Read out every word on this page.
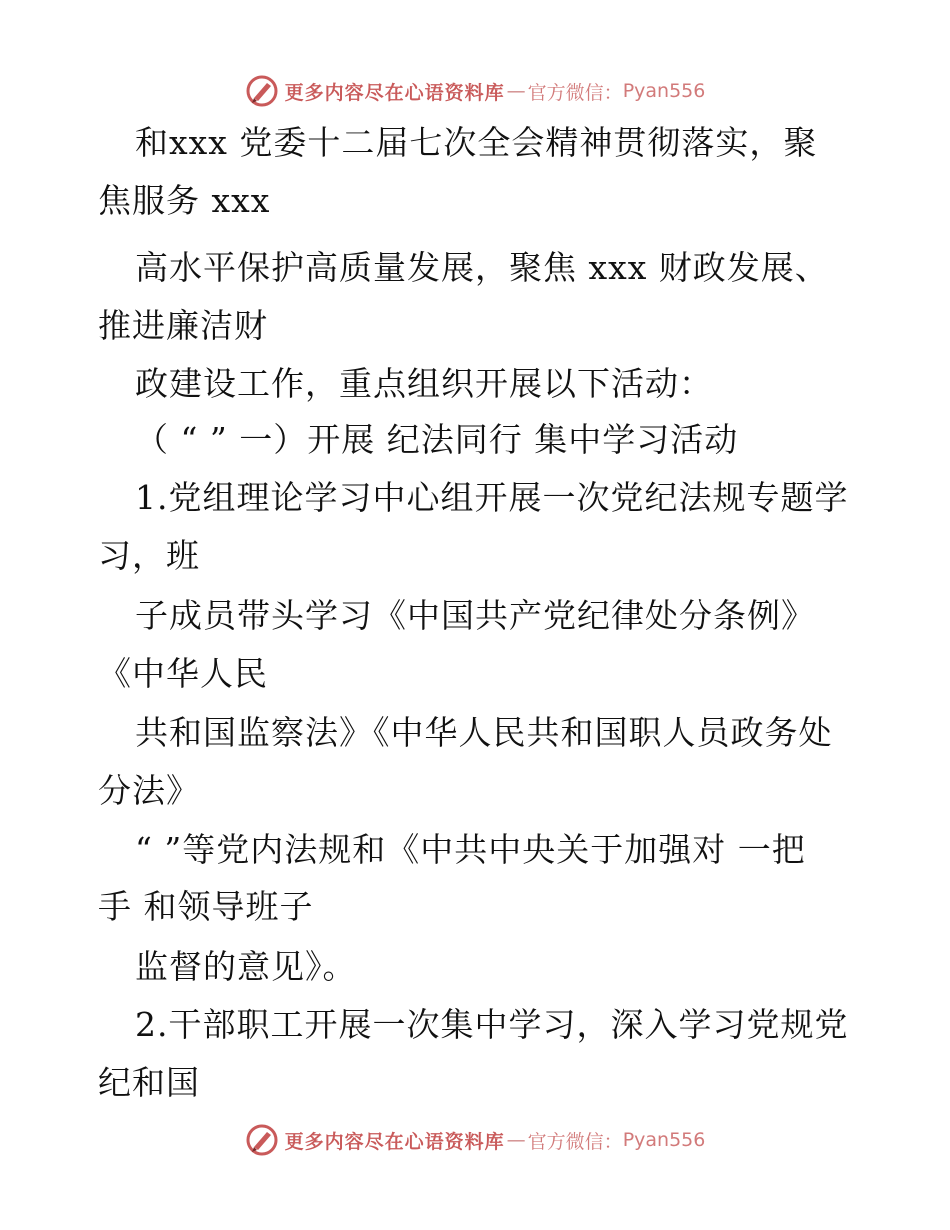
更多内容尽在心语资料库 — 官方微信： Pyan556
和xxx 党委十二届七次全会精神贯彻落实，聚
焦服务 xxx
高水平保护高质量发展，聚焦 xxx 财政发展、
推进廉洁财
政建设工作，重点组织开展以下活动：
（ “ ” 一）开展 纪法同行 集中学习活动
1.党组理论学习中心组开展一次党纪法规专题学
习，班
子成员带头学习《中国共产党纪律处分条例》
《中华人民
共和国监察法》《中华人民共和国职人员政务处
分法》
“ ”等党内法规和《中共中央关于加强对 一把
手 和领导班子
监督的意见》。
2.干部职工开展一次集中学习，深入学习党规党
纪和国
更多内容尽在心语资料库 — 官方微信： Pyan556
